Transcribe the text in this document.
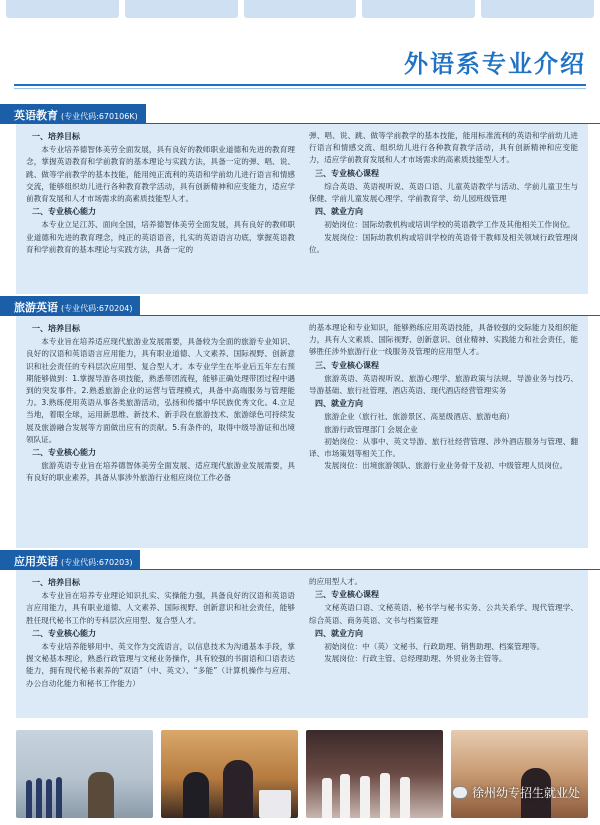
外语系专业介绍
英语教育 (专业代码:670106K)
一、培养目标

本专业培养德智体美劳全面发展，具有良好的教师职业道德和先进的教育理念，掌握英语教育和学前教育的基本理论与实践方法，具备一定的弹、唱、说、跳、做等学前教学的基本技能，能用纯正流利的英语和学前幼儿进行语言和情感交流，能够组织幼儿进行各种教育教学活动，具有创新精神和应变能力，适应学前教育发展和人才市场需求的高素质技能型人才。

二、专业核心能力

本专业立足江苏、面向全国，培养德智体美劳全面发展，具有良好的教师职业道德和先进的教育理念，纯正的英语语音，扎实的英语语言功底，掌握英语教育和学前教育的基本理论与实践方法，具备一定的

弹、唱、说、跳、做等学前教学的基本技能，能用标准流利的英语和学前幼儿进行语言和情感交流、组织幼儿进行各种教育教学活动，具有创新精神和应变能力，适应学前教育发展和人才市场需求的高素质技能型人才。

三、专业核心课程

综合英语、英语视听说、英语口语、儿童英语教学与活动、学前儿童卫生与保健、学前儿童发展心理学、学前教育学、幼儿园班级管理

四、就业方向

初始岗位：国际幼教机构或培训学校的英语教学工作及其他相关工作岗位。

发展岗位：国际幼教机构或培训学校的英语骨干教师及相关领域行政管理岗位。

旅游英语 (专业代码:670204)
一、培养目标

本专业旨在培养适应现代旅游业发展需要，具备较为全面的旅游专业知识、良好的汉语和英语语言应用能力，具有职业道德、人文素养、国际视野、创新意识和社会责任的专科层次应用型、复合型人才。本专业学生在毕业后五年左右预期能够做到：1.掌握导游各项技能，熟悉带团流程，能够正确处理带团过程中遇到的突发事件。2.熟悉旅游企业的运营与管理模式，具备中高端服务与管理能力。3.熟练使用英语从事各类旅游活动，弘扬和传播中华民族优秀文化。4.立足当地，着眼全球，运用新思维、新技术、新手段在旅游技术、旅游绿色可持续发展及旅游融合发展等方面做出应有的贡献。5.有条件的，取得中级导游证和出境领队证。

二、专业核心能力

旅游英语专业旨在培养德智体美劳全面发展、适应现代旅游业发展需要，具有良好的职业素养，具备从事涉外旅游行业相应岗位工作必备

的基本理论和专业知识，能够熟练应用英语技能，具备较强的交际能力及组织能力，具有人文素质、国际视野、创新意识、创业精神、实践能力和社会责任，能够胜任涉外旅游行业一线服务及管理的应用型人才。

三、专业核心课程

旅游英语、英语视听说、旅游心理学、旅游政策与法规、导游业务与技巧、导游基础、旅行社管理、酒店英语、现代酒店经营管理实务

四、就业方向

旅游企业（旅行社、旅游景区、高星级酒店、旅游电商）

旅游行政管理部门 会展企业

初始岗位：从事中、英文导游、旅行社经营管理、涉外酒店服务与管理、翻译、市场策划等相关工作。

发展岗位：出境旅游领队、旅游行业业务骨干及初、中级管理人员岗位。

应用英语 (专业代码:670203)
一、培养目标

本专业旨在培养专业理论知识扎实、实操能力强，具备良好的汉语和英语语言应用能力，具有职业道德、人文素养、国际视野、创新意识和社会责任，能够胜任现代秘书工作的专科层次应用型、复合型人才。

二、专业核心能力

本专业培养能够用中、英文作为交流语言，以信息技术为沟通基本手段，掌握文秘基本理论，熟悉行政管理与文秘业务操作，具有较强的书面语和口语表达能力，拥有现代秘书素养的“双语”（中、英文）、“多能”（计算机操作与应用、办公自动化能力和秘书工作能力）

的应用型人才。

三、专业核心课程

文秘英语口语、文秘英语、秘书学与秘书实务、公共关系学、现代管理学、综合英语、商务英语、文书与档案管理

四、就业方向

初始岗位：中（英）文秘书、行政助理、销售助理、档案管理等。

发展岗位：行政主管、总经理助理、外贸业务主管等。

徐州幼专招生就业处
